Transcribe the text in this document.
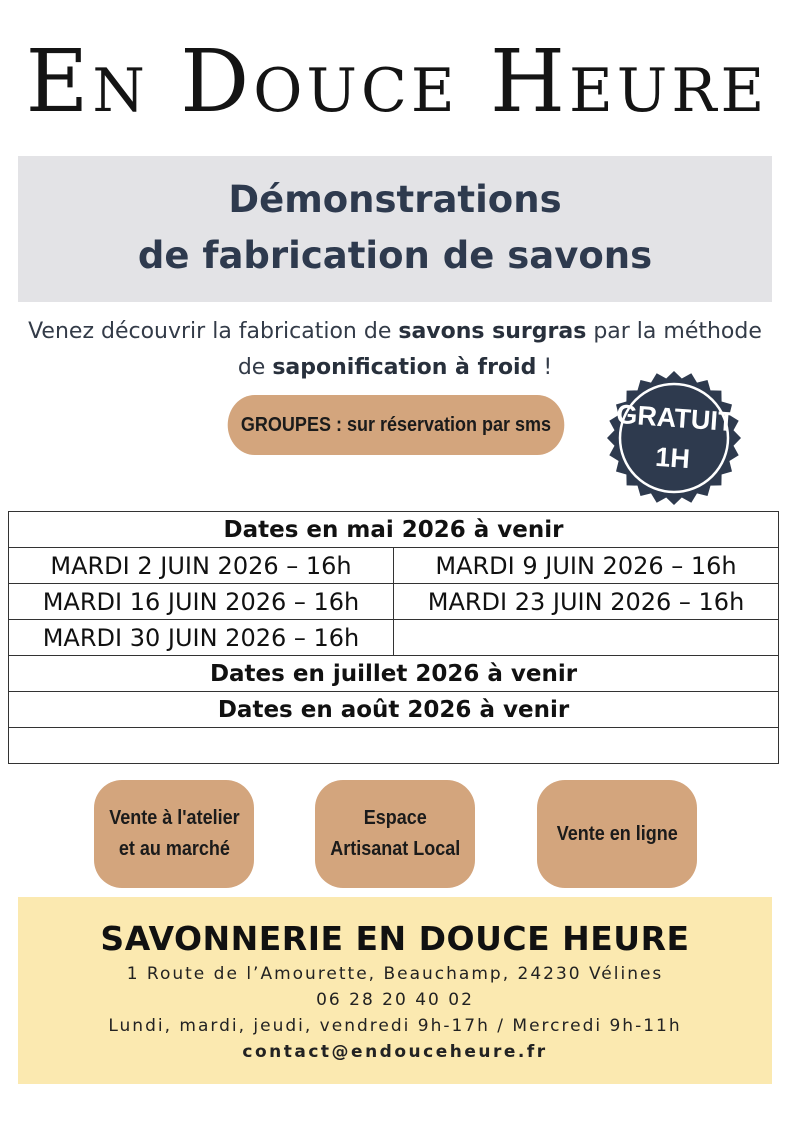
En Douce Heure
Démonstrations
de fabrication de savons
Venez découvrir la fabrication de savons surgras par la méthode de saponification à froid !
GROUPES : sur réservation par sms	GRATUIT
1H
Dates en mai 2026 à venir	
MARDI 2 JUIN 2026 – 16h	MARDI 9 JUIN 2026 – 16h
MARDI 16 JUIN 2026 – 16h	MARDI 23 JUIN 2026 – 16h
MARDI 30 JUIN 2026 – 16h	
Dates en juillet 2026 à venir	
Dates en août 2026 à venir	

Vente à l'atelier
et au marché
Espace
Artisanat Local
Vente en ligne
SAVONNERIE EN DOUCE HEURE
1 Route de l’Amourette, Beauchamp, 24230 Vélines
06 28 20 40 02
Lundi, mardi, jeudi, vendredi 9h-17h / Mercredi 9h-11h
contact@endouceheure.fr
